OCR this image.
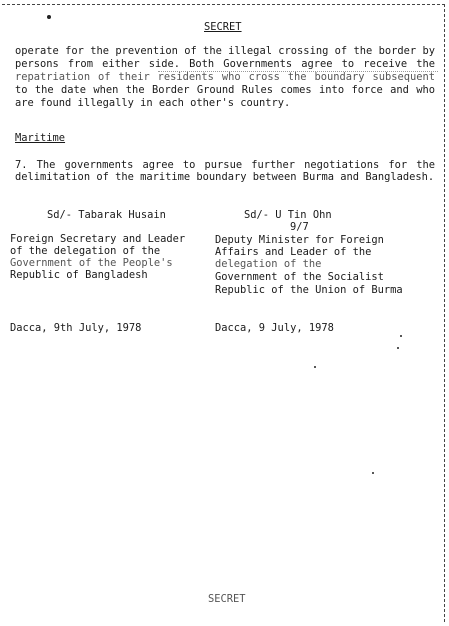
SECRET
operate for the prevention of the illegal crossing of the border by
persons from either side. Both Governments agree to receive the
repatriation of their residents who cross the boundary subsequent
to the date when the Border Ground Rules comes into force and who
are found illegally in each other's country.
Maritime
7. The governments agree to pursue further negotiations for the
delimitation of the maritime boundary between Burma and Bangladesh.
Sd/- Tabarak Husain
Foreign Secretary and Leader
of the delegation of the
Government of the People's
Republic of Bangladesh
Dacca, 9th July, 1978
Sd/- U Tin Ohn
9/7
Deputy Minister for Foreign
Affairs and Leader of the
delegation of the
Government of the Socialist
Republic of the Union of Burma
Dacca, 9 July, 1978
SECRET
